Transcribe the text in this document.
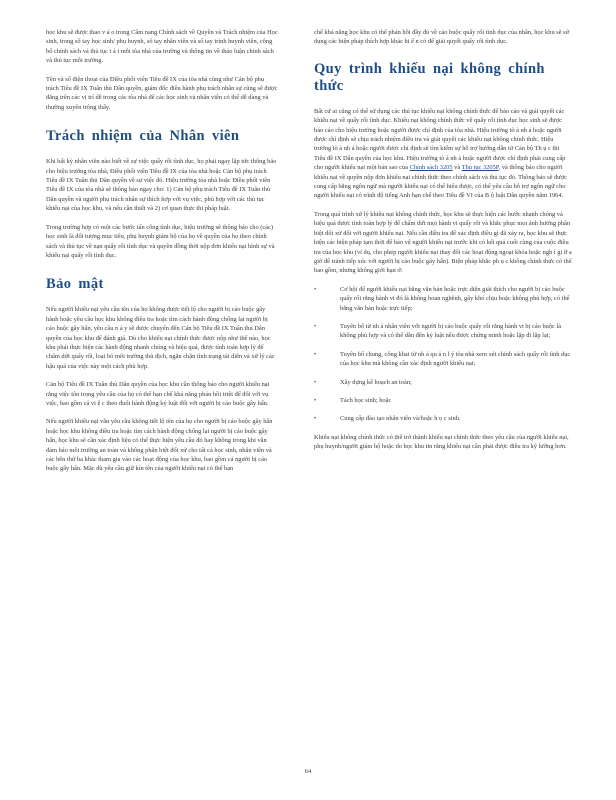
học khu sẽ được thao v ả o trong Cẩm nang Chính sách về Quyền và Trách nhiệm của Học sinh, trong số tay học sinh/ phụ huynh, sổ tay nhân viên và sổ tay trình huynh viên, công bố chính sách và thủ tục t ả i mỗi tòa nhà của trường và thông tin về thảo luận chính sách và thủ tục mỗi trường.

Tên và số điện thoại của Điều phối viên Tiêu đề IX của tòa nhà cũng như Cán bộ phụ trách Tiêu đề IX Tuân thủ Dân quyền, giám đốc điều hành phụ trách nhân sự cũng sẽ được đăng trên các vị trí dễ trong các tòa nhà để các học sinh và nhân viên có thể dễ dàng và thường xuyên trông thấy.

Trách nhiệm của Nhân viên

Khi bất kỳ nhân viên nào biết về sự việc quấy rối tình dục, họ phải ngay lập tức thông báo cho hiệu trưởng tòa nhà, Điều phối viên Tiêu đề IX của tòa nhà hoặc Cán bộ phụ trách Tiêu đề IX Tuân thủ Dân quyền về sự việc đó. Hiệu trưởng tòa nhà hoặc Điều phối viên Tiêu đề IX của tòa nhà sẽ thông báo ngay cho: 1) Cán bộ phụ trách Tiêu đề IX Tuân thủ Dân quyền và người phụ trách nhân sự thích hợp với vụ việc, phù hợp với các thủ tục khiếu nại của học khu, và nếu cần thiết và 2) cơ quan thực thi pháp luật.

Trong trường hợp có một các bước tấn công tình dục, hiệu trưởng sẽ thông báo cho (các) học sinh là đối tượng mục tiêu, phụ huynh giám hộ của họ về quyền của họ theo chính sách và thủ tục về nạn quấy rối tình dục và quyền đồng thời nộp đơn khiếu nại hình sự và khiếu nại quấy rối tình dục.

Bảo mật

Nếu người khiếu nại yêu cầu tên của họ không được tiết lộ cho người bị cáo buộc gây hành hoặc yêu cầu học khu không điều tra hoặc tìm cách hành động chống lại người bị cáo buộc gây hấn, yêu cầu n ả y sẽ được chuyển đến Cán bộ Tiêu đề IX Tuân thủ Dân quyền của học khu để đánh giá. Dù cho khiếu nại chính thức được nộp như thế nào, học khu phải thực hiện các hành động nhanh chóng và hiệu quả, được tính toán hợp lý để chấm dứt quấy rối, loại bỏ môi trường thù địch, ngăn chặn tình trạng tái diễn và xử lý các hậu quả của việc này một cách phù hợp.

Cán bộ Tiêu đề IX Tuân thủ Dân quyền của học khu cần thông báo cho người khiếu nại rằng việc tôn trọng yêu cầu của họ có thể hạn chế khả năng phản hồi triệt để đối với vụ việc, bao gồm cả vi ệ c theo đuổi hành động kỷ luật đối với người bị cáo buộc gây hấn.

Nếu người khiếu nại vẫn yêu cầu không tiết lộ tên của họ cho người bị cáo buộc gây hấn hoặc học khu không điều tra hoặc tìm cách hành động chống lại người bị cáo buộc gây hấn, học khu sẽ cần xác định liệu có thể thực hiện yêu cầu đó hay không trong khi vẫn đảm bảo môi trường an toàn và không phân biệt đối xử cho tất cả học sinh, nhân viên và các bên thứ ba khác tham gia vào các hoạt động của học khu, bao gồm cả người bị cáo buộc gây hấn. Mặc dù yêu cầu giữ kín tên của người khiếu nại có thể hạn

chế khả năng học khu có thể phản hồi đầy đủ về cáo buộc quấy rối tình dục của nhân, học khu sẽ sử dụng các biện pháp thích hợp khác hi ể n có để giải quyết quấy rối tình dục.

Quy trình khiếu nại không chính thức

Bất cứ ai cũng có thể sử dụng các thủ tục khiếu nại không chính thức để báo cáo và giải quyết các khiếu nại về quấy rối tình dục. Khiếu nại không chính thức về quấy rối tình dục học sinh sẽ được báo cáo cho hiệu trưởng hoặc người được chỉ định của tòa nhà. Hiệu trưởng tò ả nh ả hoặc người được chỉ định sẽ chịu trách nhiệm điều tra và giải quyết các khiếu nại không chính thức. Hiệu trưởng tò ả nh ả hoặc người được chỉ định sẽ tìm kiếm sự hỗ trợ hướng dẫn từ Cán bộ Th ụ c thi Tiêu đề IX Dân quyền của học khu. Hiệu trưởng tò ả nh ả hoặc người được chỉ định phải cung cấp cho người khiếu nại một bản sao của Chính sách 3205 và Thủ tục 3205P, và thông báo cho người khiếu nại về quyền nộp đơn khiếu nại chính thức theo chính sách và thủ tục đó. Thông báo sẽ được cung cấp bằng ngôn ngữ mà người khiếu nại có thể hiểu được, có thể yêu cầu hỗ trợ ngôn ngữ cho người khiếu nại có trình độ tiếng Anh hạn chế theo Tiêu đề VI của B ộ luật Dân quyền năm 1964.

Trong quá trình xử lý khiếu nại không chính thức, học khu sẽ thực hiện các bước nhanh chóng và hiệu quả được tính toán hợp lý để chấm dứt mọi hành vi quấy rối và khắc phục mọi ảnh hưởng phân biệt đối xử đối với người khiếu nại. Nếu cần điều tra để xác định điều gì đã xảy ra, học khu sẽ thực hiện các biện pháp tạm thời để bảo vệ người khiếu nại trước khi có kết quả cuối cùng của cuộc điều tra của học khu (ví dụ, cho phép người khiếu nại thay đổi các hoạt động ngoại khóa hoặc ngh ỉ gi ữ a giờ để tránh tiếp xúc với người bị cáo buộc gây hấn). Biện pháp khắc ph ụ c không chính thức có thể bao gồm, nhưng không giới hạn ở:

•	Cơ hội để người khiếu nại bằng văn bản hoặc trực diện giải thích cho người bị cáo buộc quấy rối rằng hành vi đó là không hoan nghênh, gây khó chịu hoặc không phù hợp, có thể bằng văn bản hoặc trực tiếp;
•	Tuyên bố từ nh ả nhân viên với người bị cáo buộc quấy rối rằng hành vi bị cáo buộc là không phù hợp và có thể dẫn đến kỷ luật nếu được chứng minh hoặc lặp đi lặp lại;
•	Tuyên bố chung, công khai từ nh ả qu ả n l ý tòa nhà xem xét chính sách quấy rối tình dục của học khu mà không cần xác định người khiếu nại;
•	Xây dựng kế hoạch an toàn;
•	Tách học sinh; hoặc
•	Cung cấp đào tạo nhân viên và/hoặc h ọ c sinh.

Khiếu nại không chính thức có thể trở thành khiếu nại chính thức theo yêu cầu của người khiếu nại, phụ huynh/người giám hộ hoặc do học khu tin rằng khiếu nại cần phải được điều tra kỹ lưỡng hơn.

64
